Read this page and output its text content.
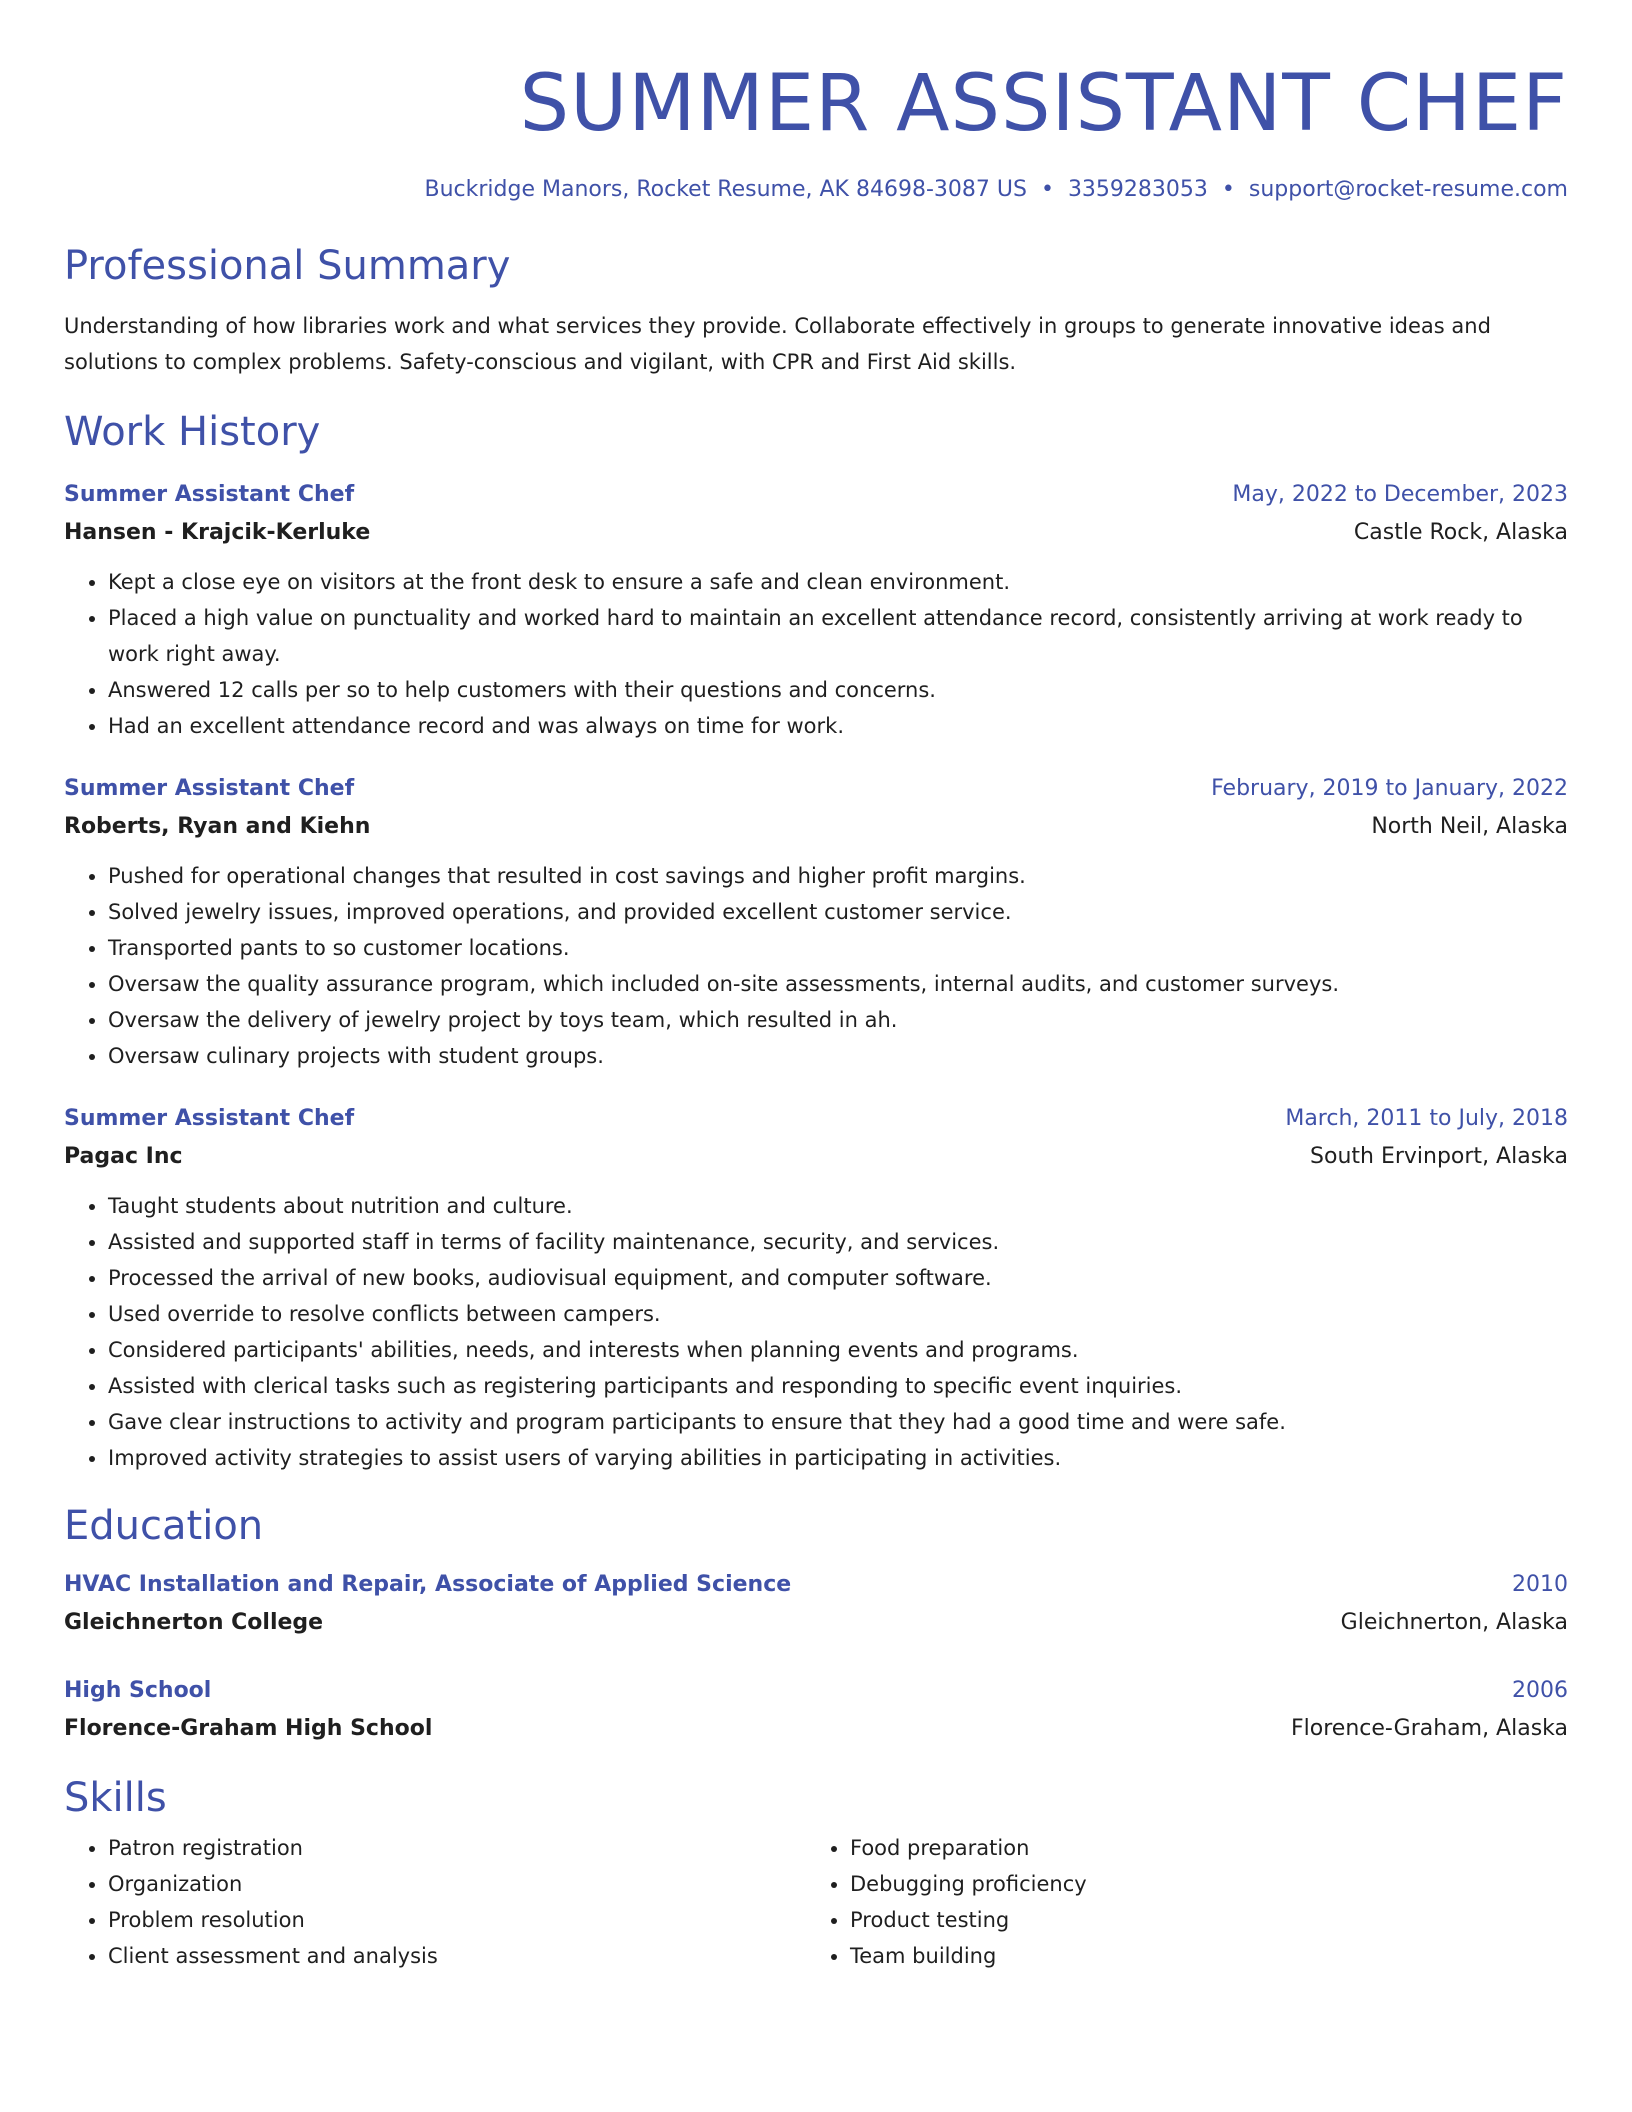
SUMMER ASSISTANT CHEF
Buckridge Manors, Rocket Resume, AK 84698-3087 US • 3359283053 • support@rocket-resume.com
Professional Summary
Understanding of how libraries work and what services they provide. Collaborate effectively in groups to generate innovative ideas and solutions to complex problems. Safety-conscious and vigilant, with CPR and First Aid skills.
Work History
Summer Assistant Chef	May, 2022 to December, 2023
Hansen - Krajcik-Kerluke	Castle Rock, Alaska
• Kept a close eye on visitors at the front desk to ensure a safe and clean environment.
• Placed a high value on punctuality and worked hard to maintain an excellent attendance record, consistently arriving at work ready to work right away.
• Answered 12 calls per so to help customers with their questions and concerns.
• Had an excellent attendance record and was always on time for work.
Summer Assistant Chef	February, 2019 to January, 2022
Roberts, Ryan and Kiehn	North Neil, Alaska
• Pushed for operational changes that resulted in cost savings and higher profit margins.
• Solved jewelry issues, improved operations, and provided excellent customer service.
• Transported pants to so customer locations.
• Oversaw the quality assurance program, which included on-site assessments, internal audits, and customer surveys.
• Oversaw the delivery of jewelry project by toys team, which resulted in ah.
• Oversaw culinary projects with student groups.
Summer Assistant Chef	March, 2011 to July, 2018
Pagac Inc	South Ervinport, Alaska
• Taught students about nutrition and culture.
• Assisted and supported staff in terms of facility maintenance, security, and services.
• Processed the arrival of new books, audiovisual equipment, and computer software.
• Used override to resolve conflicts between campers.
• Considered participants' abilities, needs, and interests when planning events and programs.
• Assisted with clerical tasks such as registering participants and responding to specific event inquiries.
• Gave clear instructions to activity and program participants to ensure that they had a good time and were safe.
• Improved activity strategies to assist users of varying abilities in participating in activities.
Education
HVAC Installation and Repair, Associate of Applied Science	2010
Gleichnerton College	Gleichnerton, Alaska
High School	2006
Florence-Graham High School	Florence-Graham, Alaska
Skills
• Patron registration
• Organization
• Problem resolution
• Client assessment and analysis
• Food preparation
• Debugging proficiency
• Product testing
• Team building
